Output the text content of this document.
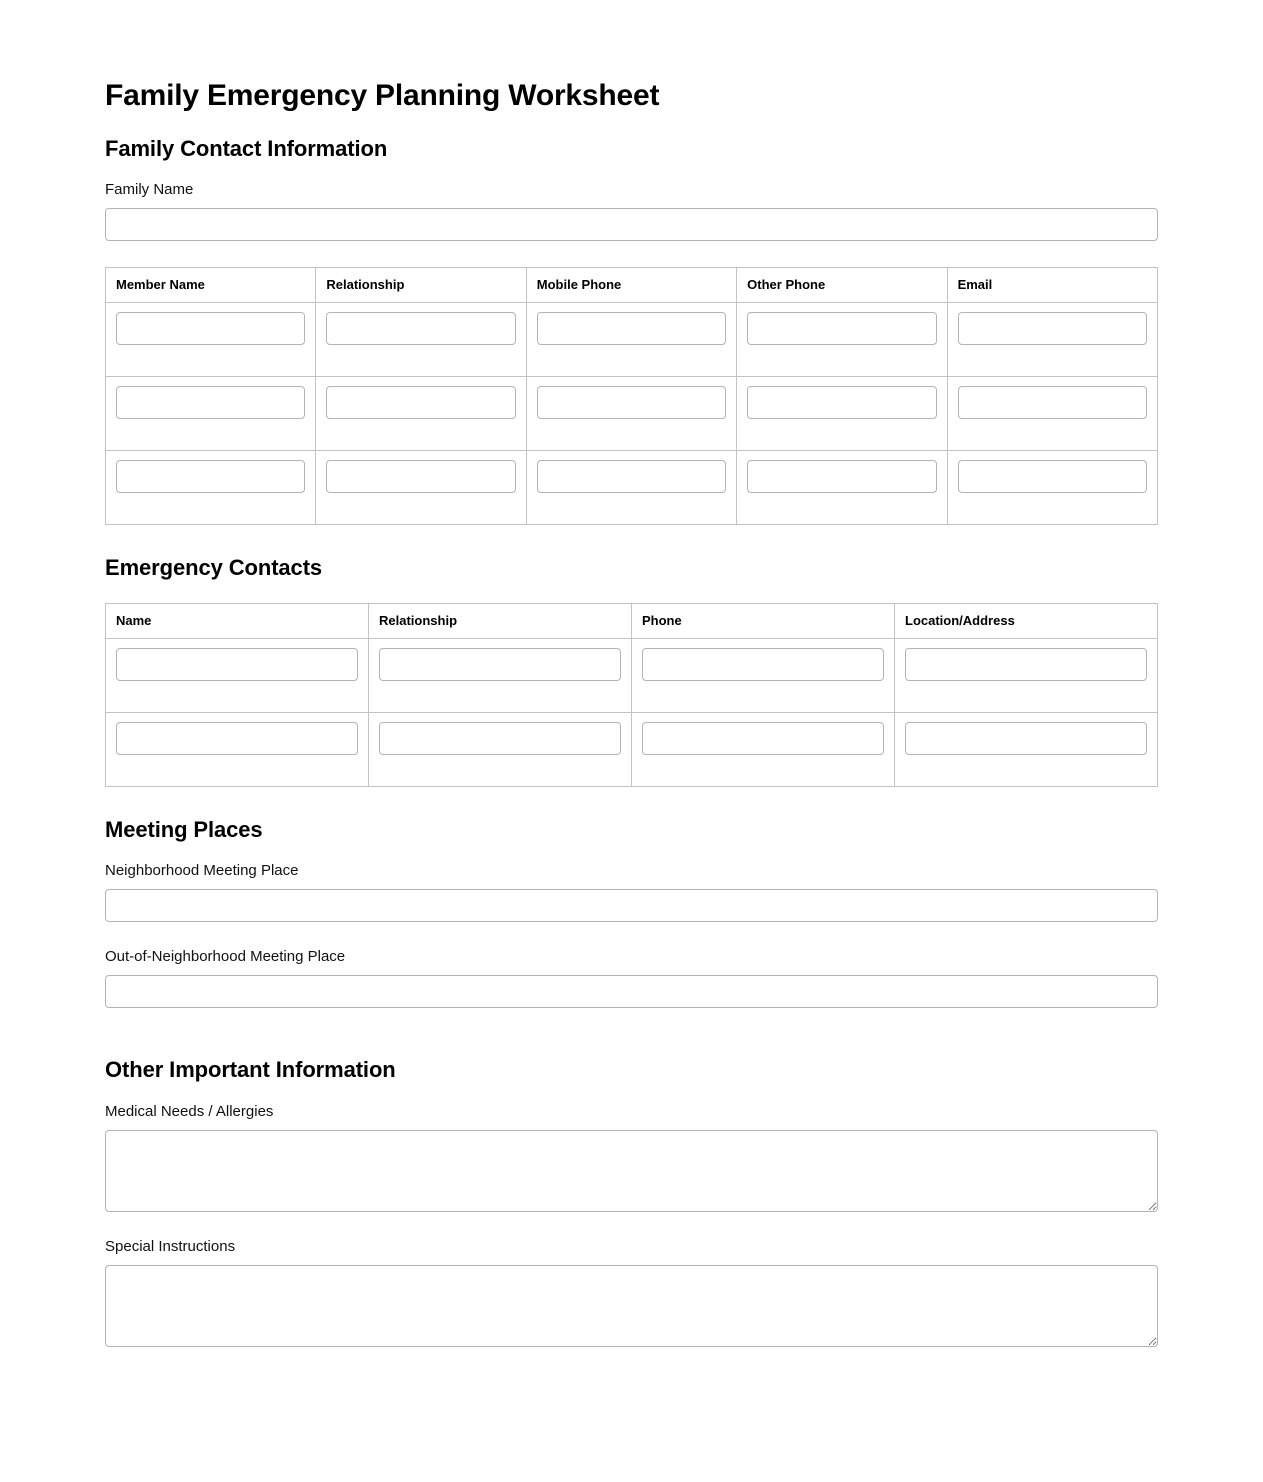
Family Emergency Planning Worksheet
Family Contact Information
Family Name
Member Name	Relationship	Mobile Phone	Other Phone	Email

Emergency Contacts
Name	Relationship	Phone	Location/Address

Meeting Places
Neighborhood Meeting Place
Out-of-Neighborhood Meeting Place
Other Important Information
Medical Needs / Allergies
Special Instructions
